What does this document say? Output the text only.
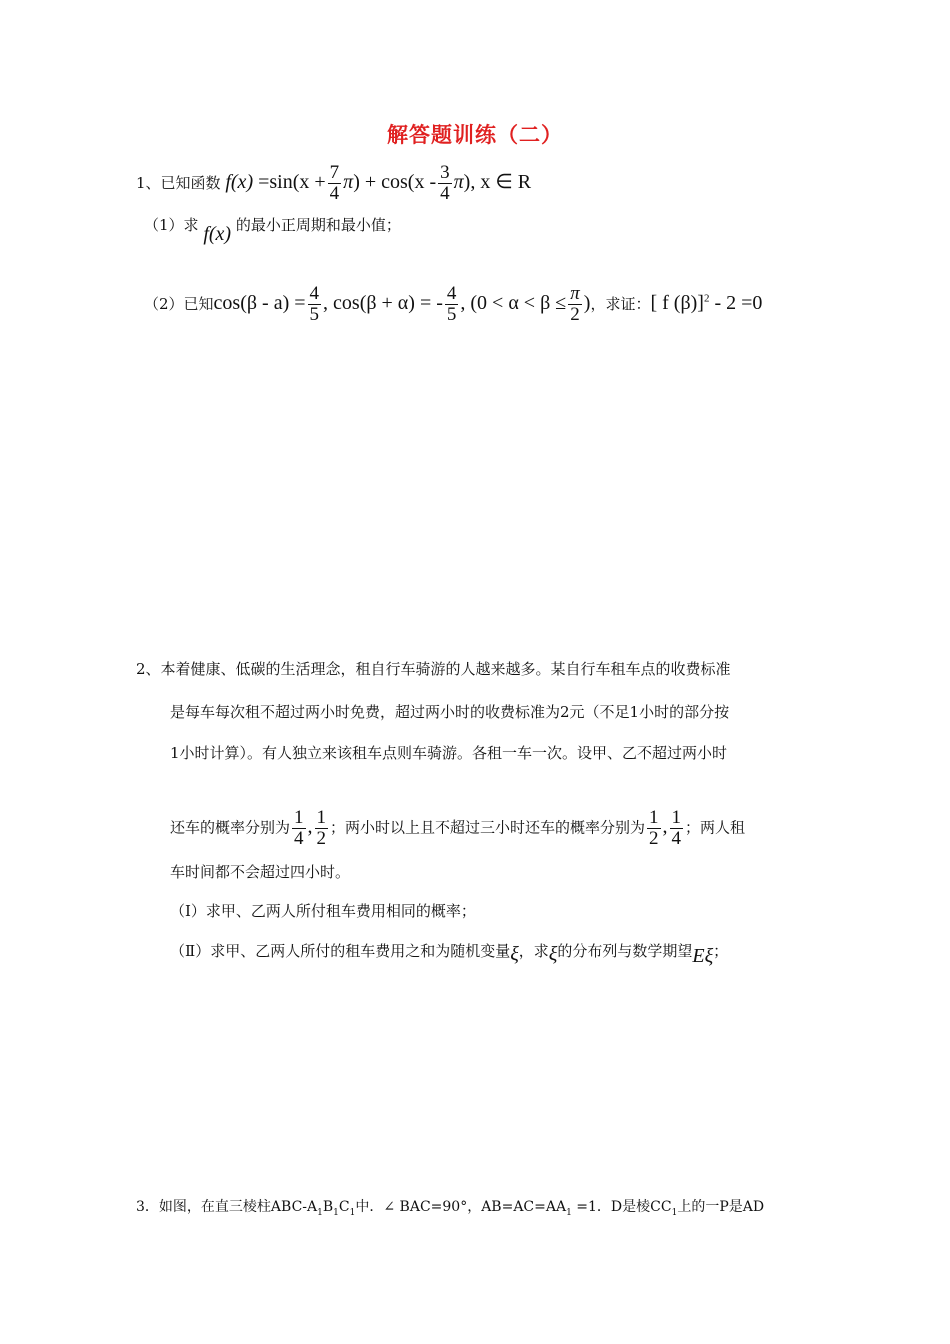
解答题训练（二）
1、已知函数 $f(x) =\sin(x + \frac{7}{4} \pi) + \cos(x - \frac{3}{4} \pi)$, x ∈ R
（1）求 f(x) 的最小正周期和最小值；
（2）已知$\cos(\beta - a) = \frac{4}{5}$ , cos(β + α) = - $\frac{4}{5}$ , ($0 < \alpha < \beta \le \frac{\pi}{2}$ )，求证：[ f (β)]$^2$ - 2 =0
2、本着健康、低碳的生活理念，租自行车骑游的人越来越多。某自行车租车点的收费标准
是每车每次租不超过两小时免费，超过两小时的收费标准为2元（不足1小时的部分按
1小时计算）。有人独立来该租车点则车骑游。各租一车一次。设甲、乙不超过两小时
还车的概率分别为 $\frac{1}{4}$ , $\frac{1}{2}$ ；两小时以上且不超过三小时还车的概率分别为 $\frac{1}{2}$ , $\frac{1}{4}$ ；两人租
车时间都不会超过四小时。
（Ⅰ）求甲、乙两人所付租车费用相同的概率；
（Ⅱ）求甲、乙两人所付的租车费用之和为随机变量ξ，求ξ的分布列与数学期望Eξ；
3．如图，在直三棱柱ABC-$A_1B_1C_1$中．∠ BAC=90°，$AB=AC=AA_1 =1$．D是棱$CC_1$上的一P是AD
